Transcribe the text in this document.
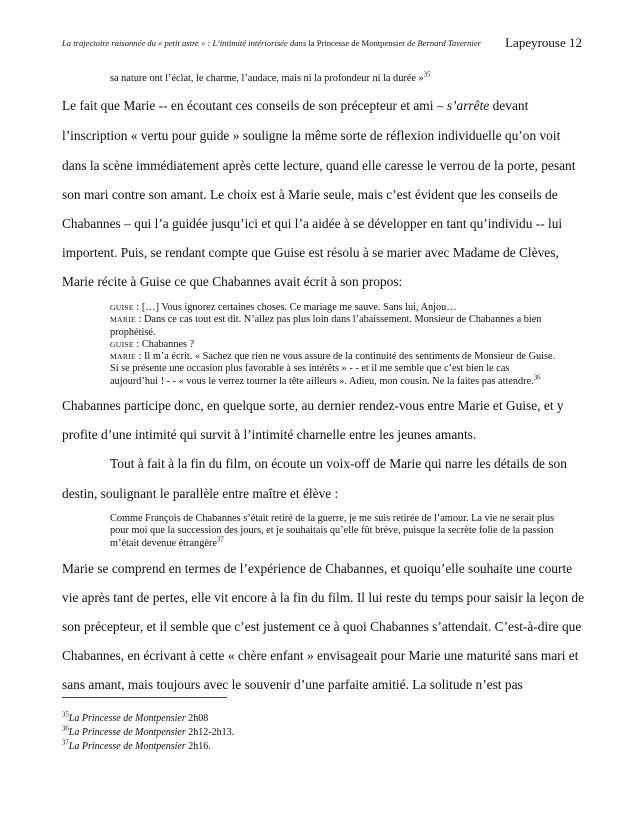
La trajectoire raisonnée du « petit astre » : L’intimité intériorisée dans la Princesse de Montpensier de Bernard Tavernier Lapeyrouse 12
sa nature ont l’éclat, le charme, l’audace, mais ni la profondeur ni la durée »$^{35}$
Le fait que Marie -- en écoutant ces conseils de son précepteur et ami – s’arrête devant
l’inscription « vertu pour guide » souligne la même sorte de réflexion individuelle qu’on voit
dans la scène immédiatement après cette lecture, quand elle caresse le verrou de la porte, pesant
son mari contre son amant. Le choix est à Marie seule, mais c’est évident que les conseils de
Chabannes – qui l’a guidée jusqu’ici et qui l’a aidée à se développer en tant qu’individu -- lui
importent. Puis, se rendant compte que Guise est résolu à se marier avec Madame de Clèves,
Marie récite à Guise ce que Chabannes avait écrit à son propos:

GUISE : […] Vous ignorez certaines choses. Ce mariage me sauve. Sans lui, Anjou…

MARIE : Dans ce cas tout est dit. N’allez pas plus loin dans l’abaissement. Monsieur de Chabannes a bien prophétisé.

GUISE : Chabannes ?

MARIE : Il m’a écrit. « Sachez que rien ne vous assure de la continuité des sentiments de Monsieur de Guise. Si se présente une occasion plus favorable à ses intérêts » - - et il me semble que c’est bien le cas aujourd’hui ! - - « vous le verrez tourner la tête ailleurs ». Adieu, mon cousin. Ne la faites pas attendre.$^{36}$

Chabannes participe donc, en quelque sorte, au dernier rendez-vous entre Marie et Guise, et y
profite d’une intimité qui survit à l’intimité charnelle entre les jeunes amants.
Tout à fait à la fin du film, on écoute un voix-off de Marie qui narre les détails de son
destin, soulignant le parallèle entre maître et élève :
Comme François de Chabannes s’était retiré de la guerre, je me suis retirée de l’amour. La vie ne serait plus pour moi que la succession des jours, et je souhaitais qu’elle fût brève, puisque la secrète folie de la passion m’était devenue étrangère$^{37}$
Marie se comprend en termes de l’expérience de Chabannes, et quoiqu’elle souhaite une courte
vie après tant de pertes, elle vit encore à la fin du film. Il lui reste du temps pour saisir la leçon de
son précepteur, et il semble que c’est justement ce à quoi Chabannes s’attendait. C’est-à-dire que
Chabannes, en écrivant à cette « chère enfant » envisageait pour Marie une maturité sans mari et
sans amant, mais toujours avec le souvenir d’une parfaite amitié. La solitude n’est pas
$^{35}$La Princesse de Montpensier 2h08
$^{36}$La Princesse de Montpensier 2h12-2h13.
$^{37}$La Princesse de Montpensier 2h16.
